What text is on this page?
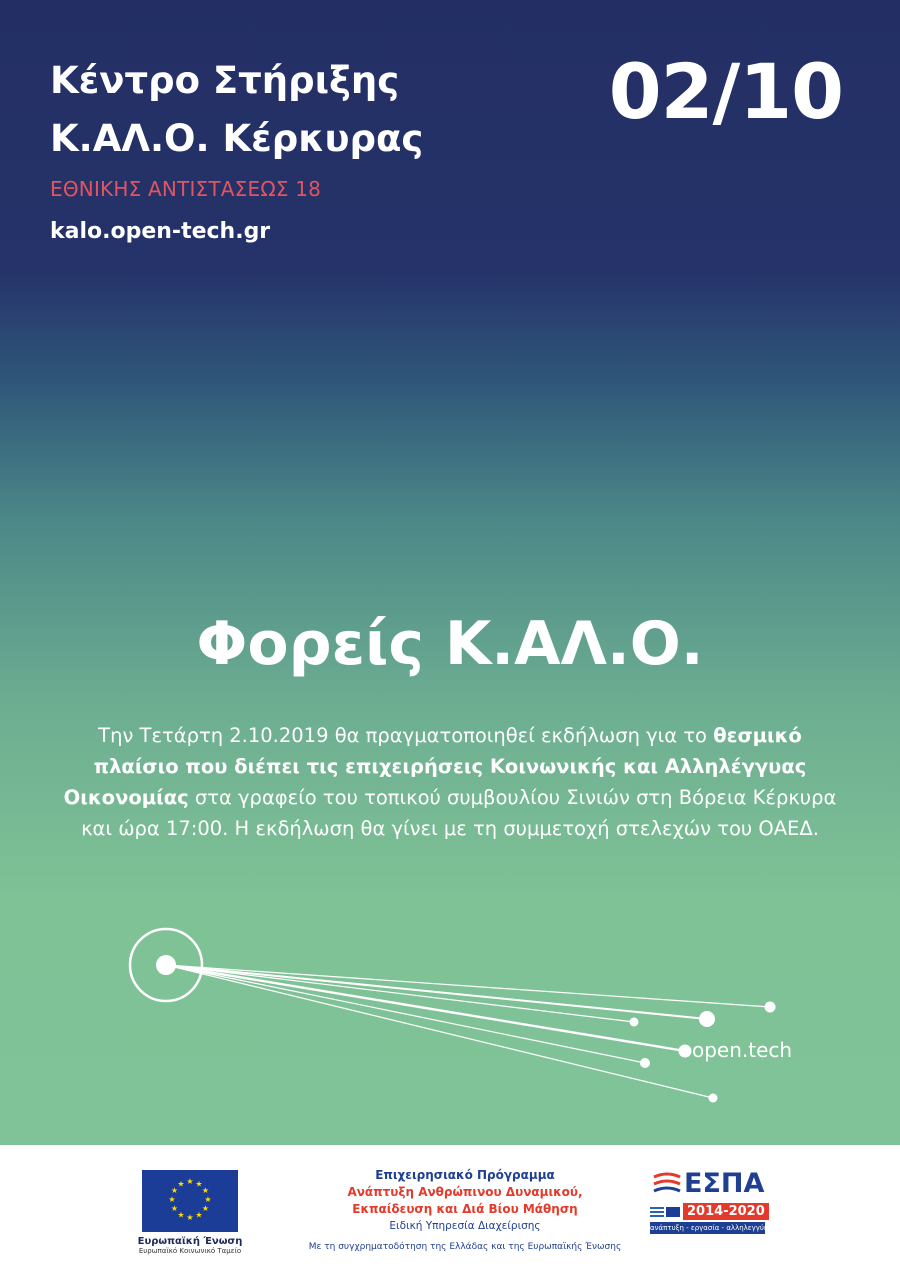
Κέντρο Στήριξης
Κ.ΑΛ.Ο. Κέρκυρας
ΕΘΝΙΚΗΣ ΑΝΤΙΣΤΑΣΕΩΣ 18
kalo.open-tech.gr
02/10
Φορείς Κ.ΑΛ.Ο.

Την Τετάρτη 2.10.2019 θα πραγματοποιηθεί εκδήλωση για το θεσμικό πλαίσιο που διέπει τις επιχειρήσεις Κοινωνικής και Αλληλέγγυας Οικονομίας στα γραφείο του τοπικού συμβουλίου Σινιών στη Βόρεια Κέρκυρα και ώρα 17:00. Η εκδήλωση θα γίνει με τη συμμετοχή στελεχών του ΟΑΕΔ.

open.tech
★ ★
★
★
★
★
★
★
★
★
★
★
Ευρωπαϊκή Ένωση
Ευρωπαϊκό Κοινωνικό Ταμείο
Επιχειρησιακό Πρόγραμμα
Ανάπτυξη Ανθρώπινου Δυναμικού,
Εκπαίδευση και Διά Βίου Μάθηση
Ειδική Υπηρεσία Διαχείρισης
Με τη συγχρηματοδότηση της Ελλάδας και της Ευρωπαϊκής Ένωσης
ΕΣΠΑ
2014-2020
ανάπτυξη - εργασία - αλληλεγγύη
